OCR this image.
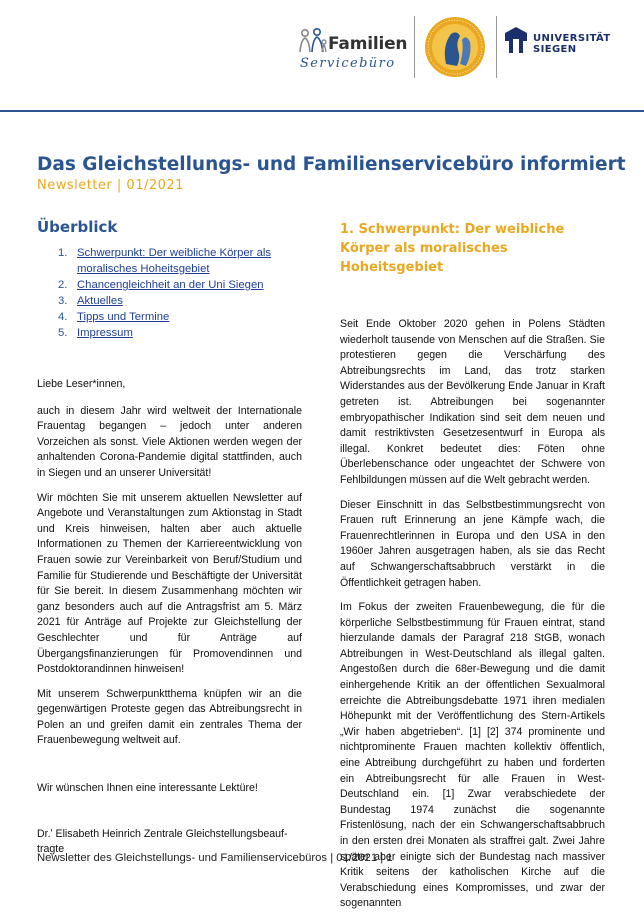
Familien
Servicebüro
UNIVERSITÄT
SIEGEN
Das Gleichstellungs- und Familienservicebüro informiert
Newsletter | 01/2021
Überblick
1. Schwerpunkt: Der weibliche Körper als moralisches Hoheitsgebiet
2. Chancengleichheit an der Uni Siegen
3. Aktuelles
4. Tipps und Termine
5. Impressum

Liebe Leser*innen,

auch in diesem Jahr wird weltweit der Internationale Frauentag begangen – jedoch unter anderen Vorzeichen als sonst. Viele Aktionen werden wegen der anhaltenden Corona-Pandemie digital stattfinden, auch in Siegen und an unserer Universität!

Wir möchten Sie mit unserem aktuellen Newsletter auf Angebote und Veranstaltungen zum Aktionstag in Stadt und Kreis hinweisen, halten aber auch aktuelle Informationen zu Themen der Karriereentwicklung von Frauen sowie zur Vereinbarkeit von Beruf/Studium und Familie für Studierende und Beschäftigte der Universität für Sie bereit. In diesem Zusammenhang möchten wir ganz besonders auch auf die Antragsfrist am 5. März 2021 für Anträge auf Projekte zur Gleichstellung der Geschlechter und für Anträge auf Übergangsfinanzierungen für Promovendinnen und Postdoktorandinnen hinweisen!

Mit unserem Schwerpunktthema knüpfen wir an die gegenwärtigen Proteste gegen das Abtreibungsrecht in Polen an und greifen damit ein zentrales Thema der Frauenbewegung weltweit auf.

Wir wünschen Ihnen eine interessante Lektüre!

Dr.ʹ Elisabeth Heinrich Zentrale Gleichstellungsbeauf-tragte

1. Schwerpunkt: Der weibliche Körper als moralisches Hoheitsgebiet

Seit Ende Oktober 2020 gehen in Polens Städten wiederholt tausende von Menschen auf die Straßen. Sie protestieren gegen die Verschärfung des Abtreibungsrechts im Land, das trotz starken Widerstandes aus der Bevölkerung Ende Januar in Kraft getreten ist. Abtreibungen bei sogenannter embryopathischer Indikation sind seit dem neuen und damit restriktivsten Gesetzesentwurf in Europa als illegal. Konkret bedeutet dies: Föten ohne Überlebenschance oder ungeachtet der Schwere von Fehlbildungen müssen auf die Welt gebracht werden.

Dieser Einschnitt in das Selbstbestimmungsrecht von Frauen ruft Erinnerung an jene Kämpfe wach, die Frauenrechtlerinnen in Europa und den USA in den 1960er Jahren ausgetragen haben, als sie das Recht auf Schwangerschaftsabbruch verstärkt in die Öffentlichkeit getragen haben.

Im Fokus der zweiten Frauenbewegung, die für die körperliche Selbstbestimmung für Frauen eintrat, stand hierzulande damals der Paragraf 218 StGB, wonach Abtreibungen in West-Deutschland als illegal galten. Angestoßen durch die 68er-Bewegung und die damit einhergehende Kritik an der öffentlichen Sexualmoral erreichte die Abtreibungsdebatte 1971 ihren medialen Höhepunkt mit der Veröffentlichung des Stern-Artikels „Wir haben abgetrieben“. [1] [2] 374 prominente und nichtprominente Frauen machten kollektiv öffentlich, eine Abtreibung durchgeführt zu haben und forderten ein Abtreibungsrecht für alle Frauen in West-Deutschland ein. [1] Zwar verabschiedete der Bundestag 1974 zunächst die sogenannte Fristenlösung, nach der ein Schwangerschaftsabbruch in den ersten drei Monaten als straffrei galt. Zwei Jahre später aber einigte sich der Bundestag nach massiver Kritik seitens der katholischen Kirche auf die Verabschiedung eines Kompromisses, und zwar der sogenannten

Newsletter des Gleichstellungs- und Familienservicebüros | 01/2021 | 1
